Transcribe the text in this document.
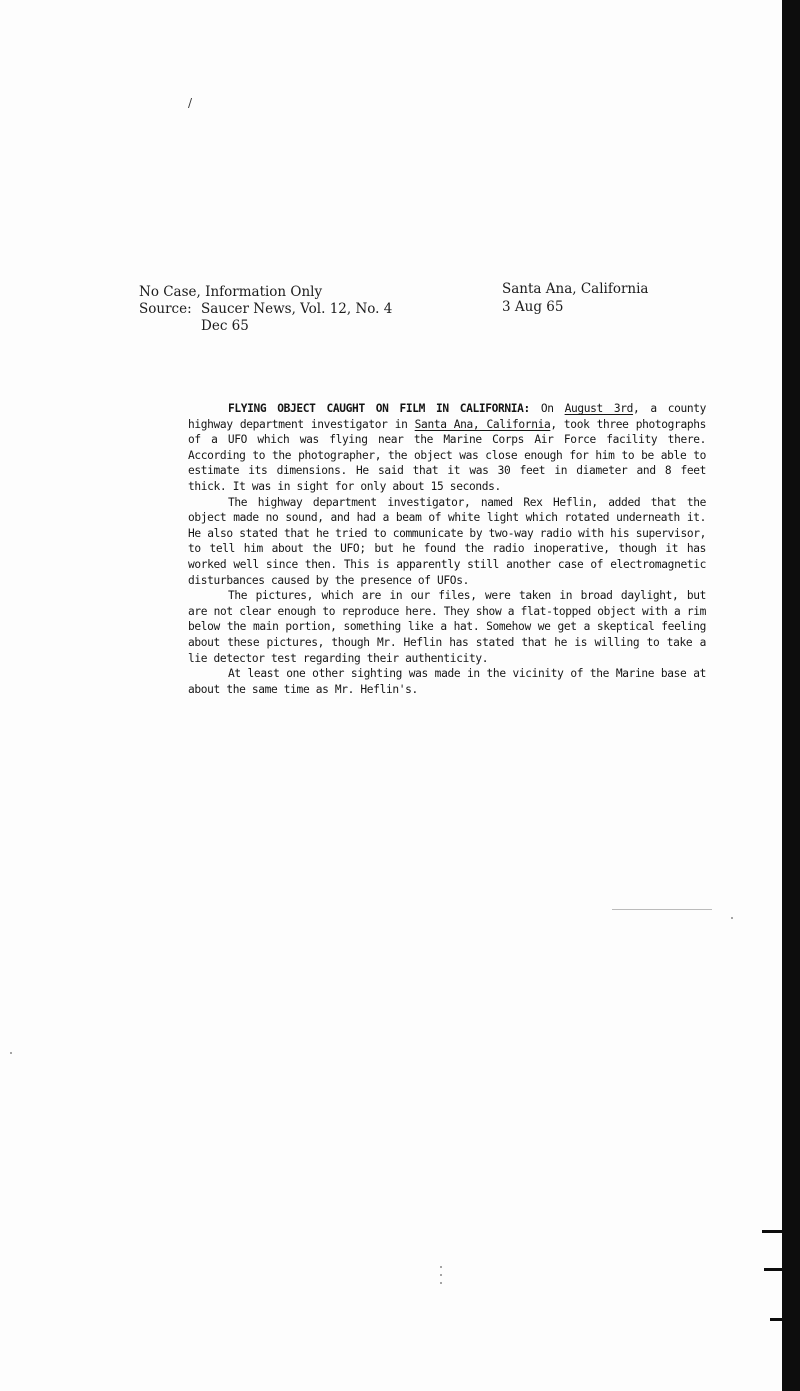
/
No Case, Information Only
Source: Saucer News, Vol. 12, No. 4
Dec 65
Santa Ana, California
3 Aug 65

FLYING OBJECT CAUGHT ON FILM IN CALIFORNIA: On August 3rd, a county highway department investigator in Santa Ana, California, took three photographs of a UFO which was flying near the Marine Corps Air Force facility there. According to the photographer, the object was close enough for him to be able to estimate its dimensions. He said that it was 30 feet in diameter and 8 feet thick. It was in sight for only about 15 seconds.

The highway department investigator, named Rex Heflin, added that the object made no sound, and had a beam of white light which rotated underneath it. He also stated that he tried to communicate by two-way radio with his supervisor, to tell him about the UFO; but he found the radio inoperative, though it has worked well since then. This is apparently still another case of electromagnetic disturbances caused by the presence of UFOs.

The pictures, which are in our files, were taken in broad daylight, but are not clear enough to reproduce here. They show a flat-topped object with a rim below the main portion, something like a hat. Somehow we get a skeptical feeling about these pictures, though Mr. Heflin has stated that he is willing to take a lie detector test regarding their authenticity.

At least one other sighting was made in the vicinity of the Marine base at about the same time as Mr. Heflin's.
